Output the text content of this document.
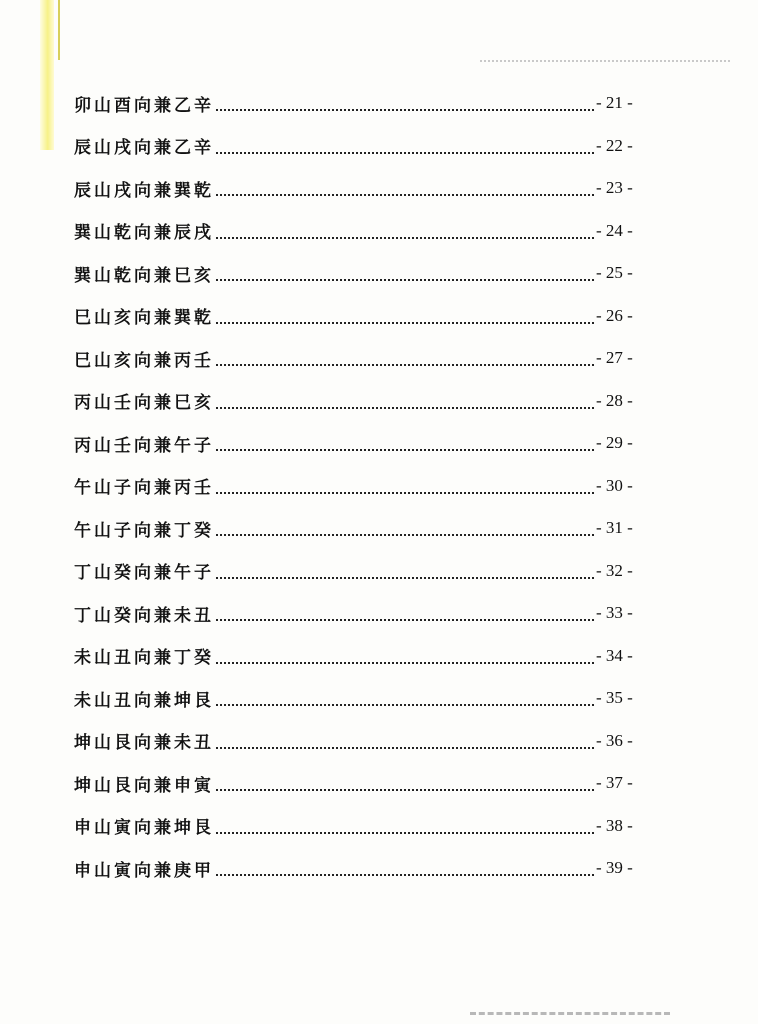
卯山酉向兼乙辛	- 21 -
辰山戌向兼乙辛	- 22 -
辰山戌向兼巽乾	- 23 -
巽山乾向兼辰戌	- 24 -
巽山乾向兼巳亥	- 25 -
巳山亥向兼巽乾	- 26 -
巳山亥向兼丙壬	- 27 -
丙山壬向兼巳亥	- 28 -
丙山壬向兼午子	- 29 -
午山子向兼丙壬	- 30 -
午山子向兼丁癸	- 31 -
丁山癸向兼午子	- 32 -
丁山癸向兼未丑	- 33 -
未山丑向兼丁癸	- 34 -
未山丑向兼坤艮	- 35 -
坤山艮向兼未丑	- 36 -
坤山艮向兼申寅	- 37 -
申山寅向兼坤艮	- 38 -
申山寅向兼庚甲	- 39 -
